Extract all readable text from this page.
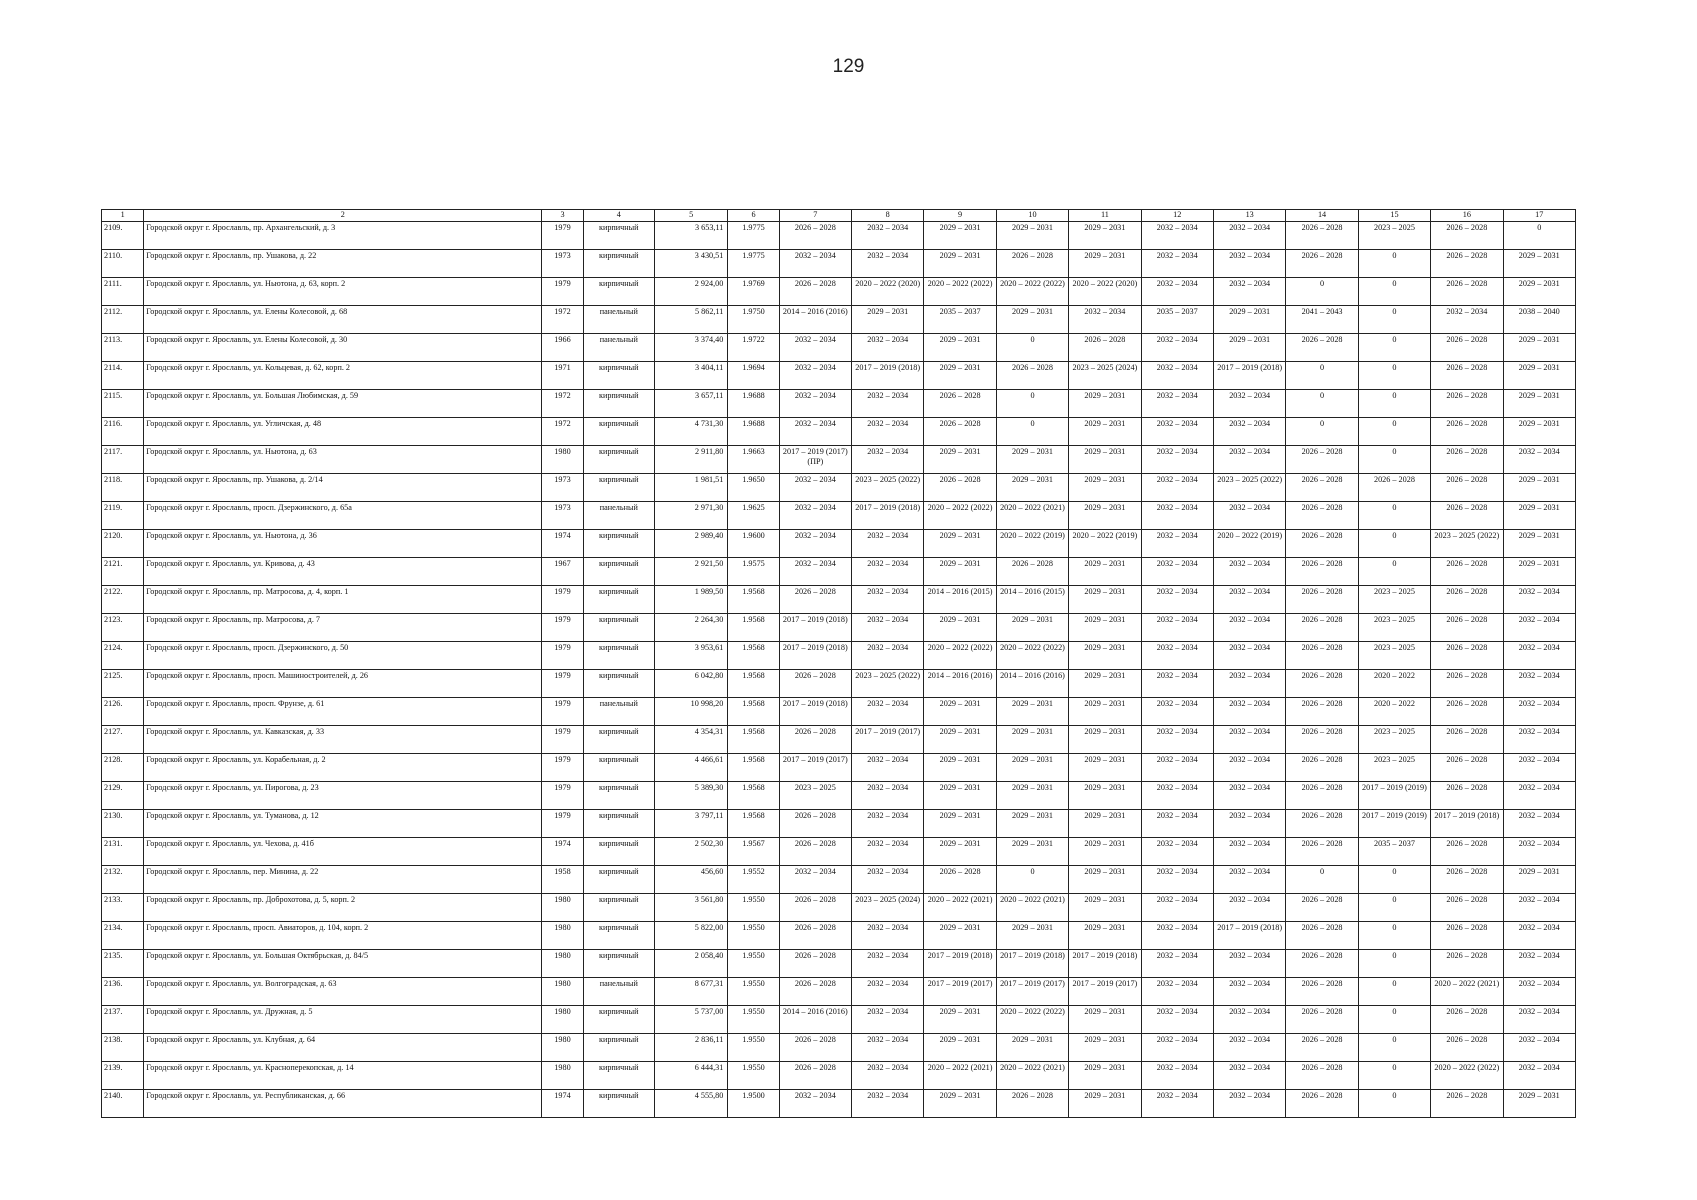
129
1	2	3	4	5	6	7	8	9	10	11	12	13	14	15	16	17
2109.	Городской округ г. Ярославль, пр. Архангельский, д. 3	1979	кирпичный	3 653,11	1.9775	2026 – 2028	2032 – 2034	2029 – 2031	2029 – 2031	2029 – 2031	2032 – 2034	2032 – 2034	2026 – 2028	2023 – 2025	2026 – 2028	0
2110.	Городской округ г. Ярославль, пр. Ушакова, д. 22	1973	кирпичный	3 430,51	1.9775	2032 – 2034	2032 – 2034	2029 – 2031	2026 – 2028	2029 – 2031	2032 – 2034	2032 – 2034	2026 – 2028	0	2026 – 2028	2029 – 2031
2111.	Городской округ г. Ярославль, ул. Ньютона, д. 63, корп. 2	1979	кирпичный	2 924,00	1.9769	2026 – 2028	2020 – 2022 (2020)	2020 – 2022 (2022)	2020 – 2022 (2022)	2020 – 2022 (2020)	2032 – 2034	2032 – 2034	0	0	2026 – 2028	2029 – 2031
2112.	Городской округ г. Ярославль, ул. Елены Колесовой, д. 68	1972	панельный	5 862,11	1.9750	2014 – 2016 (2016)	2029 – 2031	2035 – 2037	2029 – 2031	2032 – 2034	2035 – 2037	2029 – 2031	2041 – 2043	0	2032 – 2034	2038 – 2040
2113.	Городской округ г. Ярославль, ул. Елены Колесовой, д. 30	1966	панельный	3 374,40	1.9722	2032 – 2034	2032 – 2034	2029 – 2031	0	2026 – 2028	2032 – 2034	2029 – 2031	2026 – 2028	0	2026 – 2028	2029 – 2031
2114.	Городской округ г. Ярославль, ул. Кольцевая, д. 62, корп. 2	1971	кирпичный	3 404,11	1.9694	2032 – 2034	2017 – 2019 (2018)	2029 – 2031	2026 – 2028	2023 – 2025 (2024)	2032 – 2034	2017 – 2019 (2018)	0	0	2026 – 2028	2029 – 2031
2115.	Городской округ г. Ярославль, ул. Большая Любимская, д. 59	1972	кирпичный	3 657,11	1.9688	2032 – 2034	2032 – 2034	2026 – 2028	0	2029 – 2031	2032 – 2034	2032 – 2034	0	0	2026 – 2028	2029 – 2031
2116.	Городской округ г. Ярославль, ул. Угличская, д. 48	1972	кирпичный	4 731,30	1.9688	2032 – 2034	2032 – 2034	2026 – 2028	0	2029 – 2031	2032 – 2034	2032 – 2034	0	0	2026 – 2028	2029 – 2031
2117.	Городской округ г. Ярославль, ул. Ньютона, д. 63	1980	кирпичный	2 911,80	1.9663	2017 – 2019 (2017) (ПР)	2032 – 2034	2029 – 2031	2029 – 2031	2029 – 2031	2032 – 2034	2032 – 2034	2026 – 2028	0	2026 – 2028	2032 – 2034
2118.	Городской округ г. Ярославль, пр. Ушакова, д. 2/14	1973	кирпичный	1 981,51	1.9650	2032 – 2034	2023 – 2025 (2022)	2026 – 2028	2029 – 2031	2029 – 2031	2032 – 2034	2023 – 2025 (2022)	2026 – 2028	2026 – 2028	2026 – 2028	2029 – 2031
2119.	Городской округ г. Ярославль, просп. Дзержинского, д. 65а	1973	панельный	2 971,30	1.9625	2032 – 2034	2017 – 2019 (2018)	2020 – 2022 (2022)	2020 – 2022 (2021)	2029 – 2031	2032 – 2034	2032 – 2034	2026 – 2028	0	2026 – 2028	2029 – 2031
2120.	Городской округ г. Ярославль, ул. Ньютона, д. 36	1974	кирпичный	2 989,40	1.9600	2032 – 2034	2032 – 2034	2029 – 2031	2020 – 2022 (2019)	2020 – 2022 (2019)	2032 – 2034	2020 – 2022 (2019)	2026 – 2028	0	2023 – 2025 (2022)	2029 – 2031
2121.	Городской округ г. Ярославль, ул. Кривова, д. 43	1967	кирпичный	2 921,50	1.9575	2032 – 2034	2032 – 2034	2029 – 2031	2026 – 2028	2029 – 2031	2032 – 2034	2032 – 2034	2026 – 2028	0	2026 – 2028	2029 – 2031
2122.	Городской округ г. Ярославль, пр. Матросова, д. 4, корп. 1	1979	кирпичный	1 989,50	1.9568	2026 – 2028	2032 – 2034	2014 – 2016 (2015)	2014 – 2016 (2015)	2029 – 2031	2032 – 2034	2032 – 2034	2026 – 2028	2023 – 2025	2026 – 2028	2032 – 2034
2123.	Городской округ г. Ярославль, пр. Матросова, д. 7	1979	кирпичный	2 264,30	1.9568	2017 – 2019 (2018)	2032 – 2034	2029 – 2031	2029 – 2031	2029 – 2031	2032 – 2034	2032 – 2034	2026 – 2028	2023 – 2025	2026 – 2028	2032 – 2034
2124.	Городской округ г. Ярославль, просп. Дзержинского, д. 50	1979	кирпичный	3 953,61	1.9568	2017 – 2019 (2018)	2032 – 2034	2020 – 2022 (2022)	2020 – 2022 (2022)	2029 – 2031	2032 – 2034	2032 – 2034	2026 – 2028	2023 – 2025	2026 – 2028	2032 – 2034
2125.	Городской округ г. Ярославль, просп. Машиностроителей, д. 26	1979	кирпичный	6 042,80	1.9568	2026 – 2028	2023 – 2025 (2022)	2014 – 2016 (2016)	2014 – 2016 (2016)	2029 – 2031	2032 – 2034	2032 – 2034	2026 – 2028	2020 – 2022	2026 – 2028	2032 – 2034
2126.	Городской округ г. Ярославль, просп. Фрунзе, д. 61	1979	панельный	10 998,20	1.9568	2017 – 2019 (2018)	2032 – 2034	2029 – 2031	2029 – 2031	2029 – 2031	2032 – 2034	2032 – 2034	2026 – 2028	2020 – 2022	2026 – 2028	2032 – 2034
2127.	Городской округ г. Ярославль, ул. Кавказская, д. 33	1979	кирпичный	4 354,31	1.9568	2026 – 2028	2017 – 2019 (2017)	2029 – 2031	2029 – 2031	2029 – 2031	2032 – 2034	2032 – 2034	2026 – 2028	2023 – 2025	2026 – 2028	2032 – 2034
2128.	Городской округ г. Ярославль, ул. Корабельная, д. 2	1979	кирпичный	4 466,61	1.9568	2017 – 2019 (2017)	2032 – 2034	2029 – 2031	2029 – 2031	2029 – 2031	2032 – 2034	2032 – 2034	2026 – 2028	2023 – 2025	2026 – 2028	2032 – 2034
2129.	Городской округ г. Ярославль, ул. Пирогова, д. 23	1979	кирпичный	5 389,30	1.9568	2023 – 2025	2032 – 2034	2029 – 2031	2029 – 2031	2029 – 2031	2032 – 2034	2032 – 2034	2026 – 2028	2017 – 2019 (2019)	2026 – 2028	2032 – 2034
2130.	Городской округ г. Ярославль, ул. Туманова, д. 12	1979	кирпичный	3 797,11	1.9568	2026 – 2028	2032 – 2034	2029 – 2031	2029 – 2031	2029 – 2031	2032 – 2034	2032 – 2034	2026 – 2028	2017 – 2019 (2019)	2017 – 2019 (2018)	2032 – 2034
2131.	Городской округ г. Ярославль, ул. Чехова, д. 41б	1974	кирпичный	2 502,30	1.9567	2026 – 2028	2032 – 2034	2029 – 2031	2029 – 2031	2029 – 2031	2032 – 2034	2032 – 2034	2026 – 2028	2035 – 2037	2026 – 2028	2032 – 2034
2132.	Городской округ г. Ярославль, пер. Минина, д. 22	1958	кирпичный	456,60	1.9552	2032 – 2034	2032 – 2034	2026 – 2028	0	2029 – 2031	2032 – 2034	2032 – 2034	0	0	2026 – 2028	2029 – 2031
2133.	Городской округ г. Ярославль, пр. Доброхотова, д. 5, корп. 2	1980	кирпичный	3 561,80	1.9550	2026 – 2028	2023 – 2025 (2024)	2020 – 2022 (2021)	2020 – 2022 (2021)	2029 – 2031	2032 – 2034	2032 – 2034	2026 – 2028	0	2026 – 2028	2032 – 2034
2134.	Городской округ г. Ярославль, просп. Авиаторов, д. 104, корп. 2	1980	кирпичный	5 822,00	1.9550	2026 – 2028	2032 – 2034	2029 – 2031	2029 – 2031	2029 – 2031	2032 – 2034	2017 – 2019 (2018)	2026 – 2028	0	2026 – 2028	2032 – 2034
2135.	Городской округ г. Ярославль, ул. Большая Октябрьская, д. 84/5	1980	кирпичный	2 058,40	1.9550	2026 – 2028	2032 – 2034	2017 – 2019 (2018)	2017 – 2019 (2018)	2017 – 2019 (2018)	2032 – 2034	2032 – 2034	2026 – 2028	0	2026 – 2028	2032 – 2034
2136.	Городской округ г. Ярославль, ул. Волгоградская, д. 63	1980	панельный	8 677,31	1.9550	2026 – 2028	2032 – 2034	2017 – 2019 (2017)	2017 – 2019 (2017)	2017 – 2019 (2017)	2032 – 2034	2032 – 2034	2026 – 2028	0	2020 – 2022 (2021)	2032 – 2034
2137.	Городской округ г. Ярославль, ул. Дружная, д. 5	1980	кирпичный	5 737,00	1.9550	2014 – 2016 (2016)	2032 – 2034	2029 – 2031	2020 – 2022 (2022)	2029 – 2031	2032 – 2034	2032 – 2034	2026 – 2028	0	2026 – 2028	2032 – 2034
2138.	Городской округ г. Ярославль, ул. Клубная, д. 64	1980	кирпичный	2 836,11	1.9550	2026 – 2028	2032 – 2034	2029 – 2031	2029 – 2031	2029 – 2031	2032 – 2034	2032 – 2034	2026 – 2028	0	2026 – 2028	2032 – 2034
2139.	Городской округ г. Ярославль, ул. Красноперекопская, д. 14	1980	кирпичный	6 444,31	1.9550	2026 – 2028	2032 – 2034	2020 – 2022 (2021)	2020 – 2022 (2021)	2029 – 2031	2032 – 2034	2032 – 2034	2026 – 2028	0	2020 – 2022 (2022)	2032 – 2034
2140.	Городской округ г. Ярославль, ул. Республиканская, д. 66	1974	кирпичный	4 555,80	1.9500	2032 – 2034	2032 – 2034	2029 – 2031	2026 – 2028	2029 – 2031	2032 – 2034	2032 – 2034	2026 – 2028	0	2026 – 2028	2029 – 2031
